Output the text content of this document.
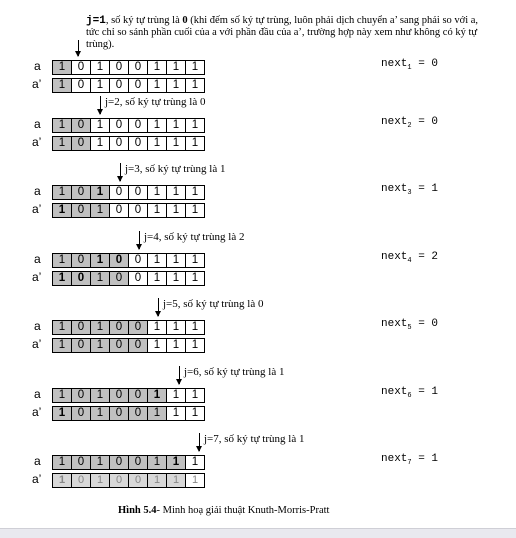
j=1, số ký tự trùng là 0 (khi đếm số ký tự trùng, luôn phải dịch chuyển a’ sang phải so với a,
tức chỉ so sánh phần cuối của a với phần đầu của a’, trường hợp này xem như không có ký tự
trùng).
a
a’
1	0	1	0	0	1	1	1
1	0	1	0	0	1	1	1
next$_1$ = 0
j=2, số ký tự trùng là 0
a
a’
1	0	1	0	0	1	1	1
1	0	1	0	0	1	1	1
next$_2$ = 0
j=3, số ký tự trùng là 1
a
a’
1	0	1	0	0	1	1	1
1	0	1	0	0	1	1	1
next$_3$ = 1
j=4, số ký tự trùng là 2
a
a’
1	0	1	0	0	1	1	1
1	0	1	0	0	1	1	1
next$_4$ = 2
j=5, số ký tự trùng là 0
a
a’
1	0	1	0	0	1	1	1
1	0	1	0	0	1	1	1
next$_5$ = 0
j=6, số ký tự trùng là 1
a
a’
1	0	1	0	0	1	1	1
1	0	1	0	0	1	1	1
next$_6$ = 1
j=7, số ký tự trùng là 1
a
a’
1	0	1	0	0	1	1	1
1	0	1	0	0	1	1	1
next$_7$ = 1
Hình 5.4- Minh hoạ giải thuật Knuth-Morris-Pratt
